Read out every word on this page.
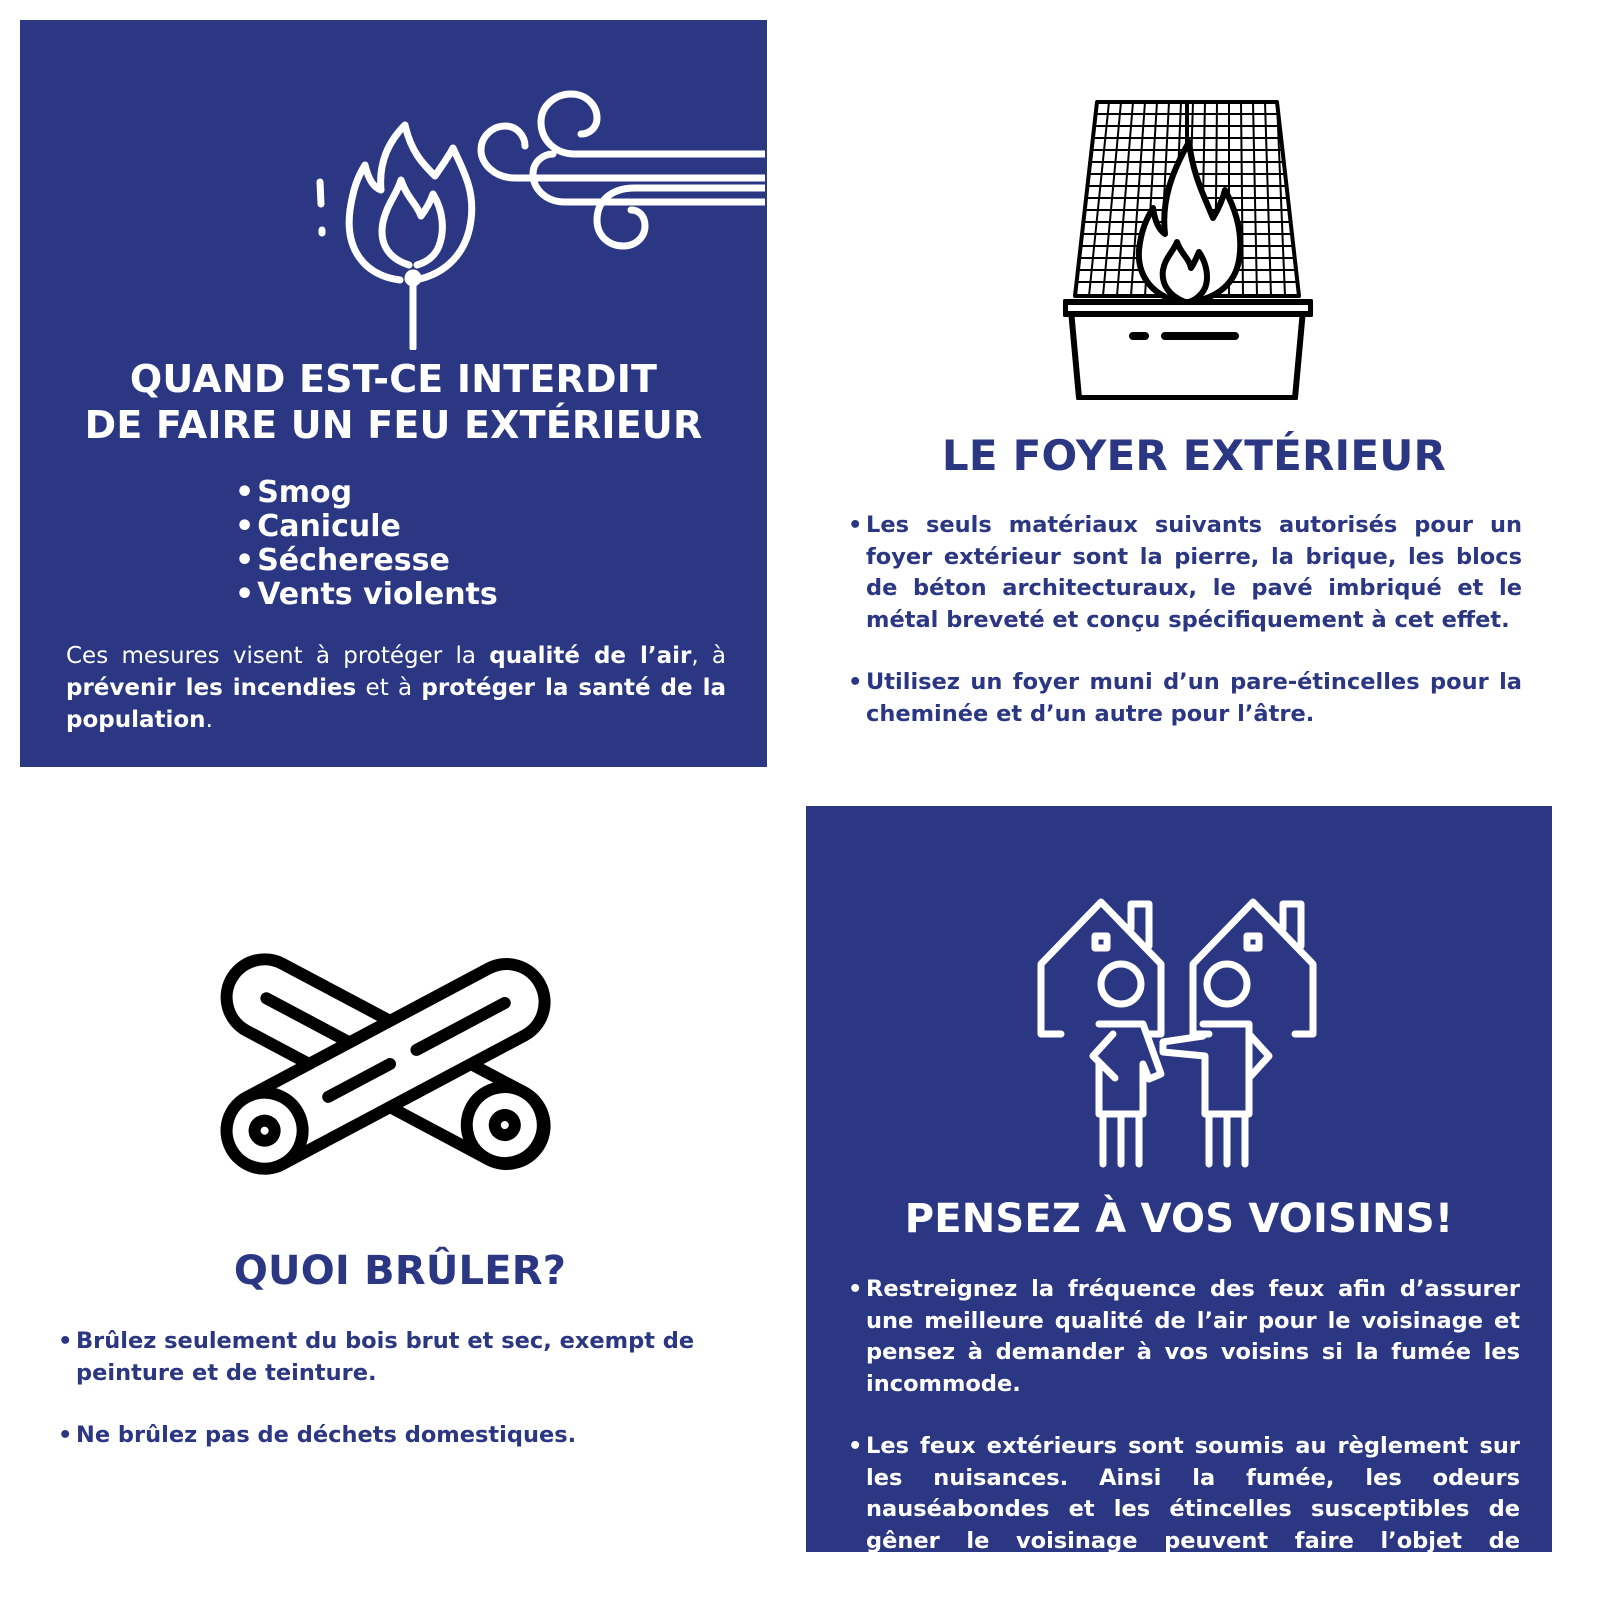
QUAND EST-CE INTERDIT
DE FAIRE UN FEU EXTÉRIEUR
• Smog
• Canicule
• Sécheresse
• Vents violents

Ces mesures visent à protéger la qualité de l’air, à prévenir les incendies et à protéger la santé de la population.

LE FOYER EXTÉRIEUR
• Les seuls matériaux suivants autorisés pour un foyer extérieur sont la pierre, la brique, les blocs de béton architecturaux, le pavé imbriqué et le métal breveté et conçu spécifiquement à cet effet.
• Utilisez un foyer muni d’un pare-étincelles pour la cheminée et d’un autre pour l’âtre.
QUOI BRÛLER?
• Brûlez seulement du bois brut et sec, exempt de peinture et de teinture.
• Ne brûlez pas de déchets domestiques.
PENSEZ À VOS VOISINS!
• Restreignez la fréquence des feux afin d’assurer une meilleure qualité de l’air pour le voisinage et pensez à demander à vos voisins si la fumée les incommode.
• Les feux extérieurs sont soumis au règlement sur les nuisances. Ainsi la fumée, les odeurs nauséabondes et les étincelles susceptibles de gêner le voisinage peuvent faire l’objet de sanctions.
